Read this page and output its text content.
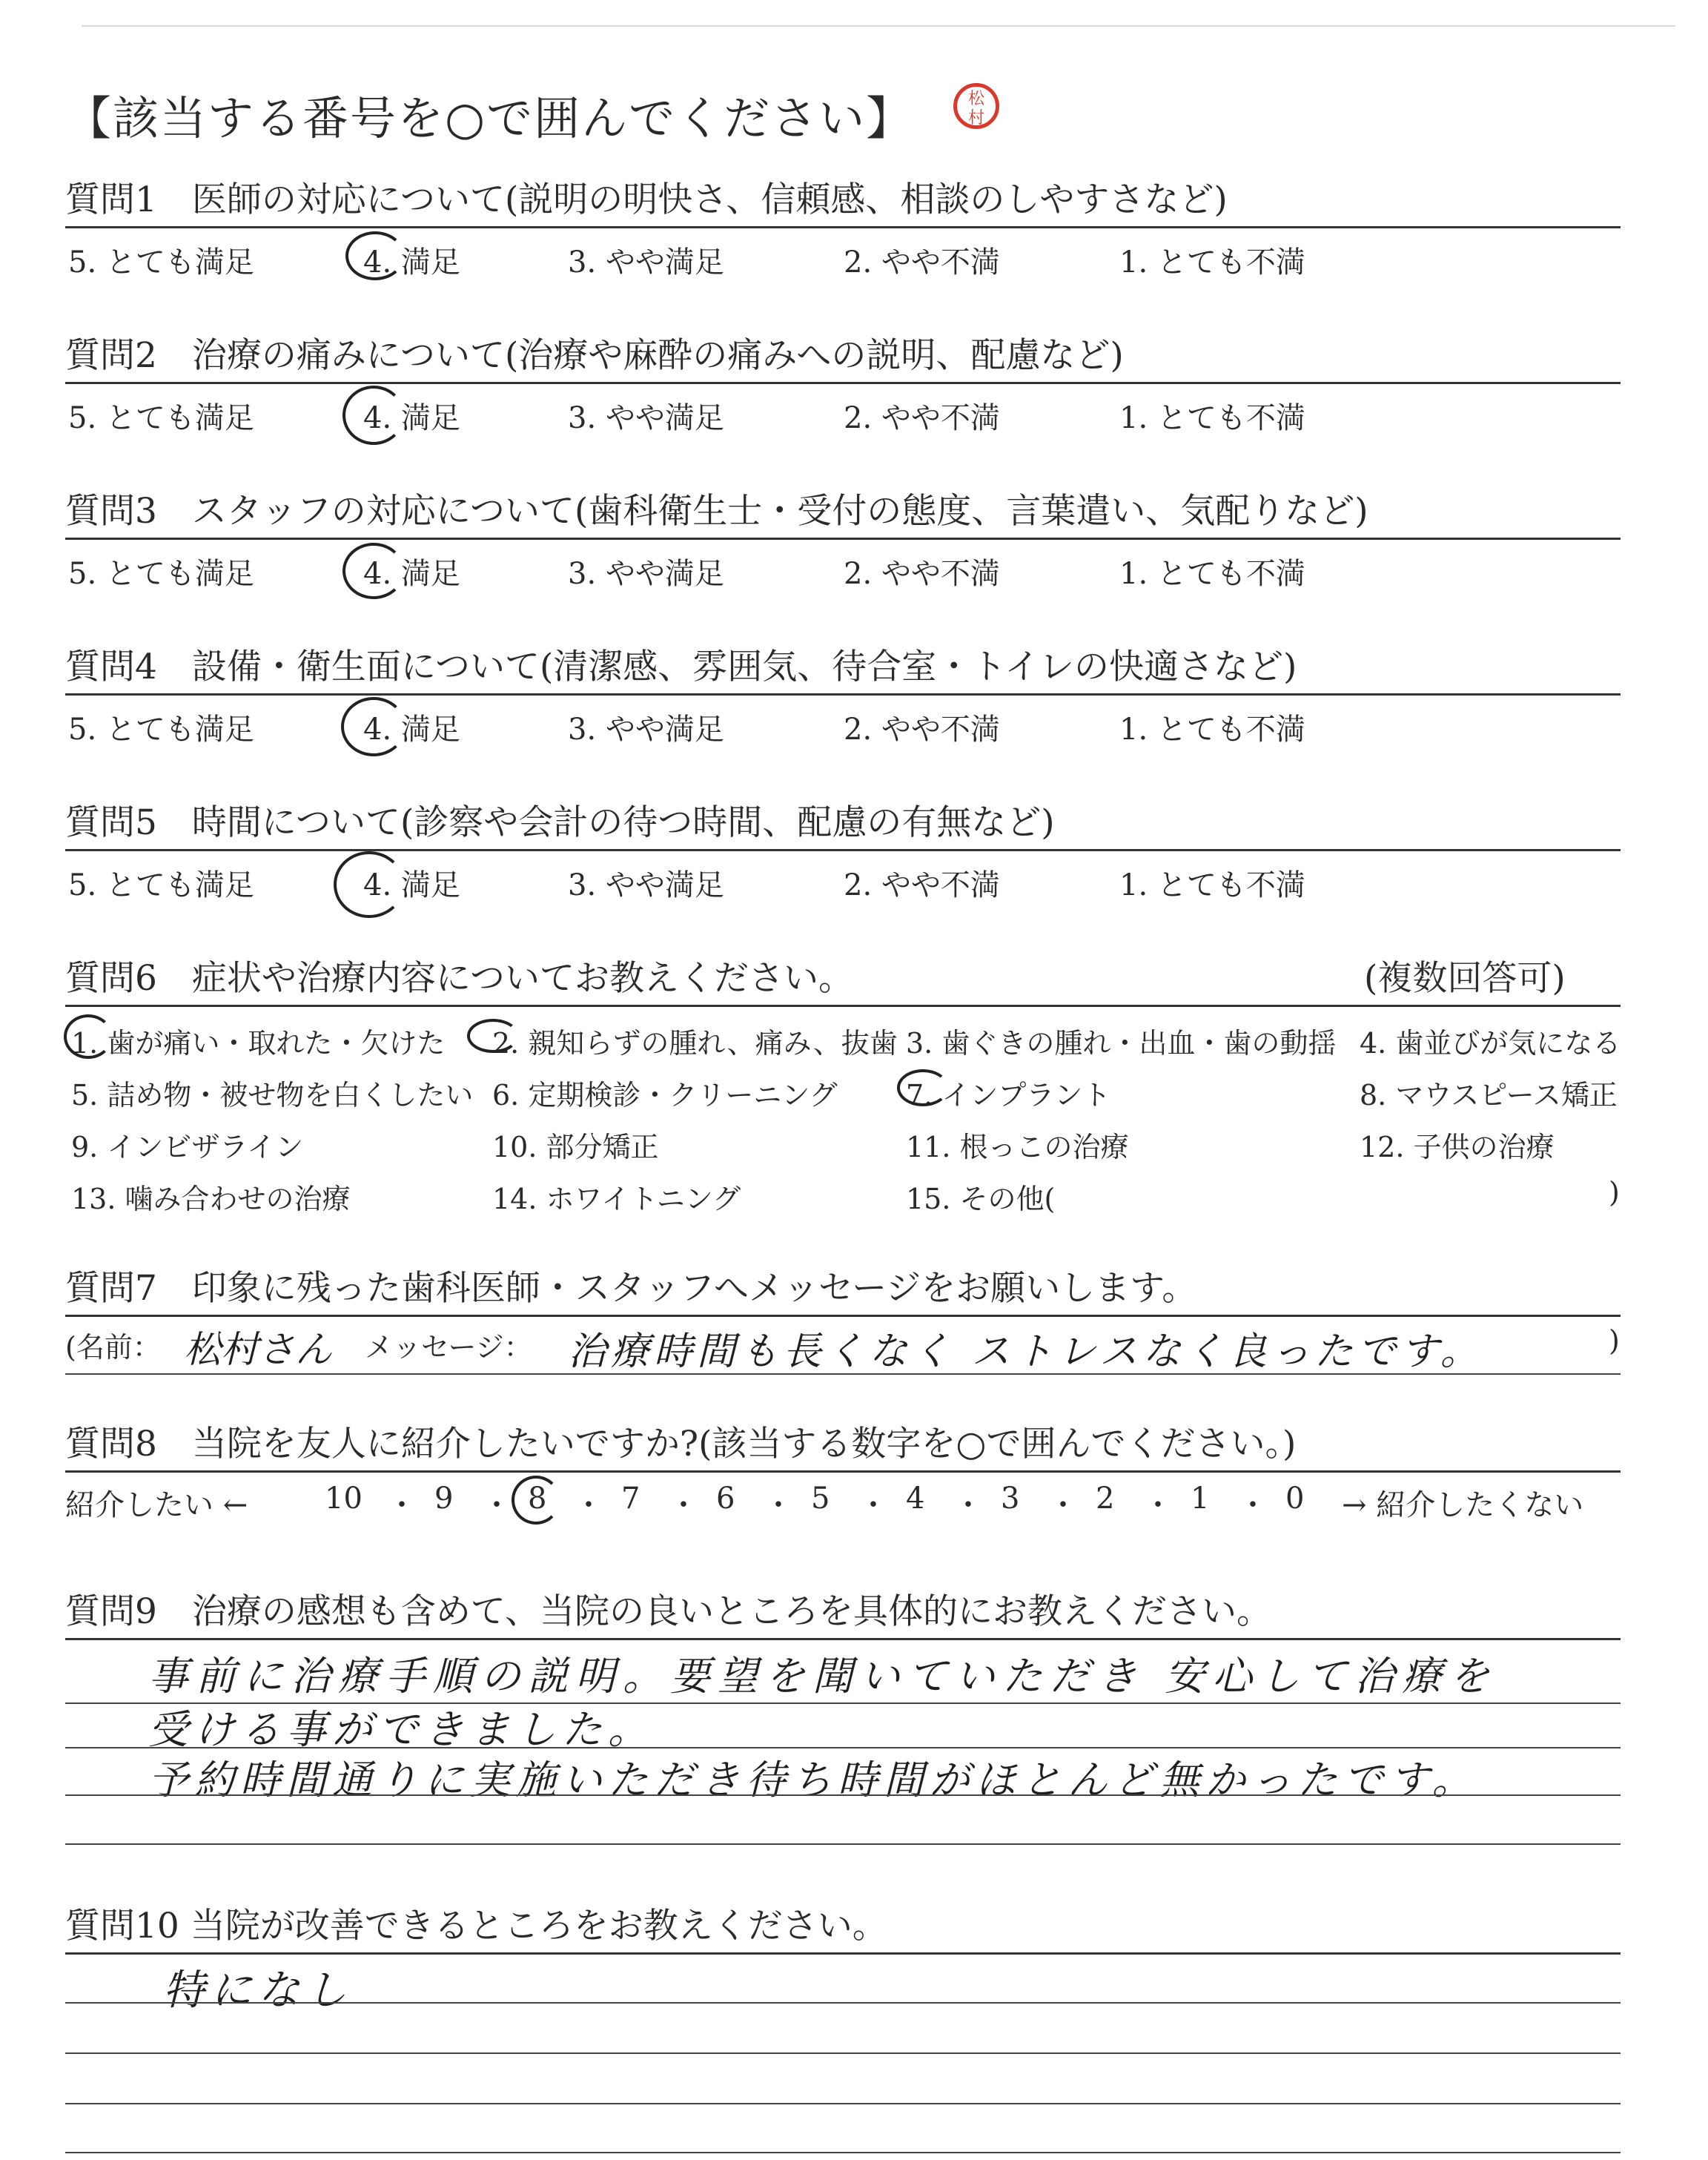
【該当する番号を○で囲んでください】	松
村
質問1　医師の対応について(説明の明快さ、信頼感、相談のしやすさなど)
5. とても満足	4. 満足	3. やや満足	2. やや不満	1. とても不満
質問2　治療の痛みについて(治療や麻酔の痛みへの説明、配慮など)
5. とても満足	4. 満足	3. やや満足	2. やや不満	1. とても不満
質問3　スタッフの対応について(歯科衛生士・受付の態度、言葉遣い、気配りなど)
5. とても満足	4. 満足	3. やや満足	2. やや不満	1. とても不満
質問4　設備・衛生面について(清潔感、雰囲気、待合室・トイレの快適さなど)
5. とても満足	4. 満足	3. やや満足	2. やや不満	1. とても不満
質問5　時間について(診察や会計の待つ時間、配慮の有無など)
5. とても満足	4. 満足	3. やや満足	2. やや不満	1. とても不満
質問6　症状や治療内容についてお教えください。	(複数回答可)
1. 歯が痛い・取れた・欠けた 2. 親知らずの腫れ、痛み、抜歯 3. 歯ぐきの腫れ・出血・歯の動揺 4. 歯並びが気になる
5. 詰め物・被せ物を白くしたい 6. 定期検診・クリーニング 7. インプラント	8. マウスピース矯正
9. インビザライン	10. 部分矯正	11. 根っこの治療	12. 子供の治療
13. 噛み合わせの治療	14. ホワイトニング	15. その他(	)
質問7　印象に残った歯科医師・スタッフへメッセージをお願いします。
(名前： 松村さん メッセージ： 治療時間も長くなく ストレスなく良ったです。	)
質問8　当院を友人に紹介したいですか?(該当する数字を○で囲んでください。)
紹介したい ←	10 ・ 9 ・ 8 ・ 7 ・ 6 ・ 5 ・ 4 ・ 3 ・ 2 ・ 1 ・ 0 → 紹介したくない
質問9　治療の感想も含めて、当院の良いところを具体的にお教えください。
事前に治療手順の説明。要望を聞いていただき 安心して治療を
受ける事ができました。
予約時間通りに実施いただき待ち時間がほとんど無かったです。
質問10 当院が改善できるところをお教えください。
特になし
